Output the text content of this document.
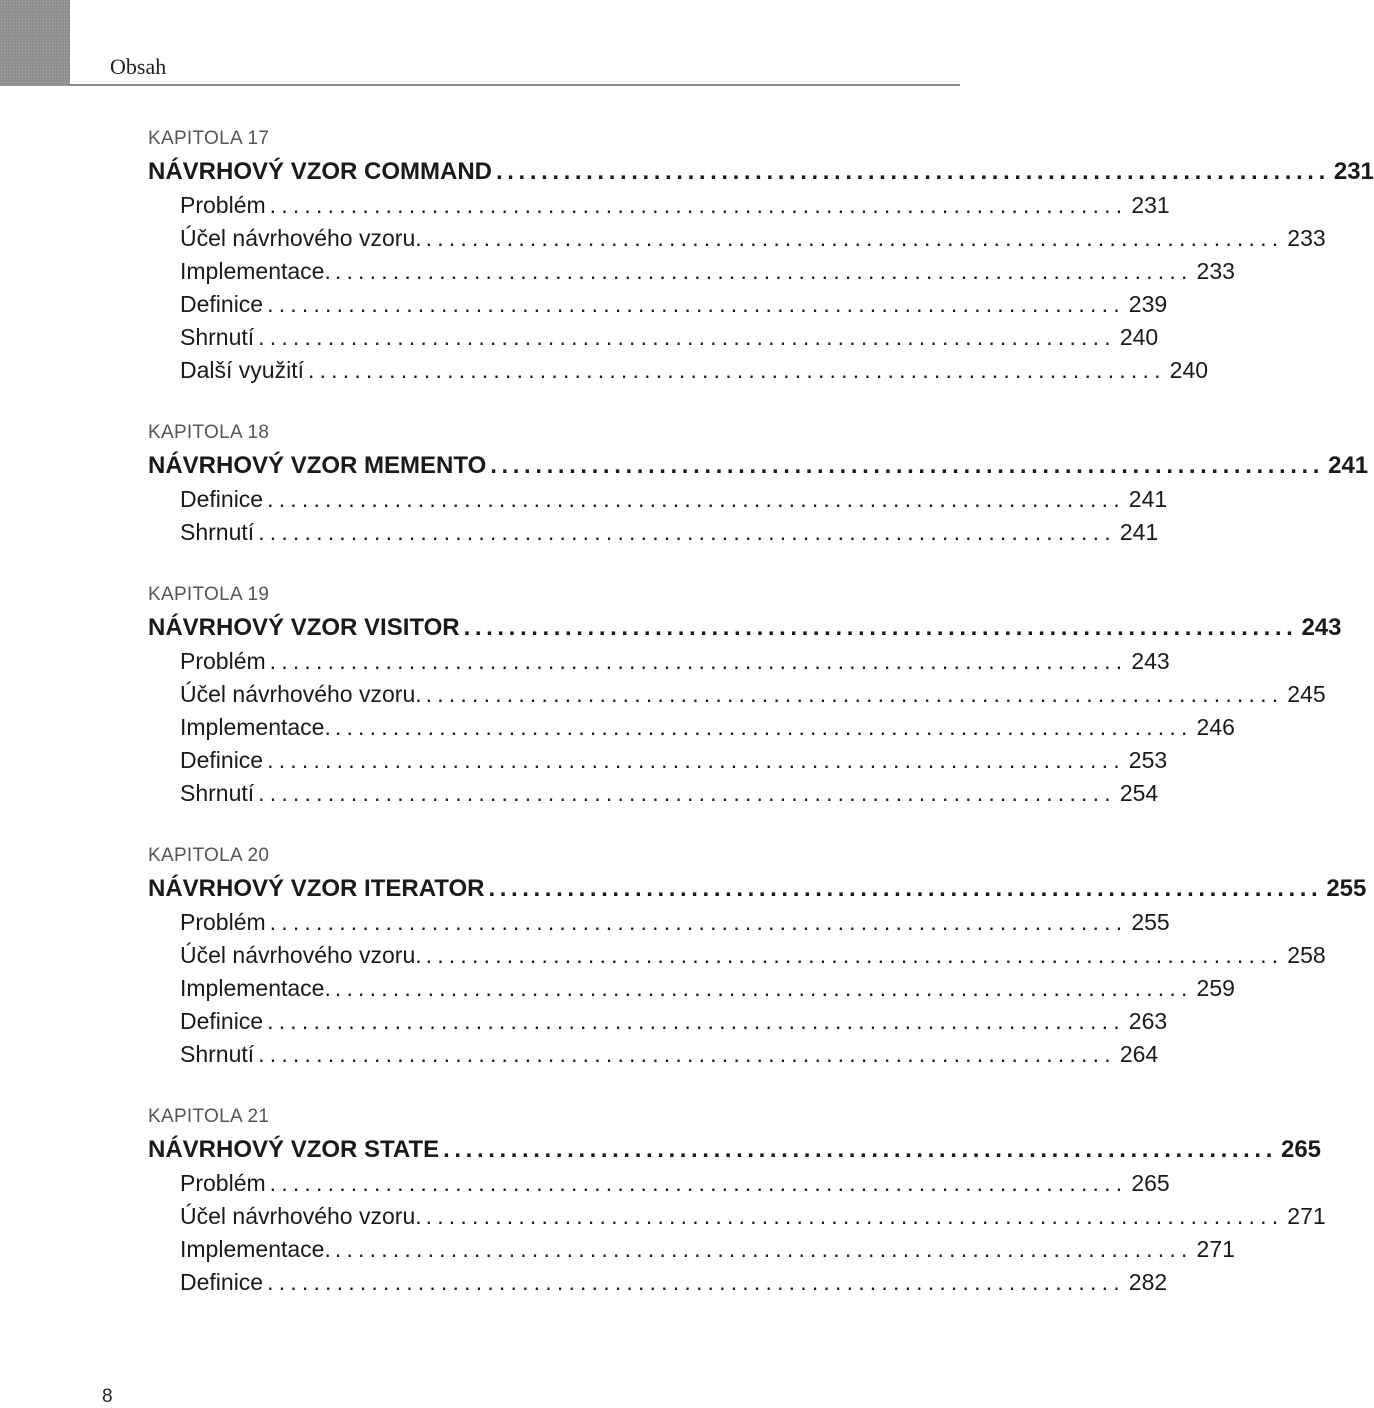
Obsah
KAPITOLA 17
NÁVRHOVÝ VZOR COMMAND .......................................................................... 231
Problém .......................................................................... 231
Účel návrhového vzoru. .......................................................................... 233
Implementace. .......................................................................... 233
Definice .......................................................................... 239
Shrnutí .......................................................................... 240
Další využití .......................................................................... 240
KAPITOLA 18
NÁVRHOVÝ VZOR MEMENTO .......................................................................... 241
Definice .......................................................................... 241
Shrnutí .......................................................................... 241
KAPITOLA 19
NÁVRHOVÝ VZOR VISITOR .......................................................................... 243
Problém .......................................................................... 243
Účel návrhového vzoru. .......................................................................... 245
Implementace. .......................................................................... 246
Definice .......................................................................... 253
Shrnutí .......................................................................... 254
KAPITOLA 20
NÁVRHOVÝ VZOR ITERATOR .......................................................................... 255
Problém .......................................................................... 255
Účel návrhového vzoru. .......................................................................... 258
Implementace. .......................................................................... 259
Definice .......................................................................... 263
Shrnutí .......................................................................... 264
KAPITOLA 21
NÁVRHOVÝ VZOR STATE .......................................................................... 265
Problém .......................................................................... 265
Účel návrhového vzoru. .......................................................................... 271
Implementace. .......................................................................... 271
Definice .......................................................................... 282
8
